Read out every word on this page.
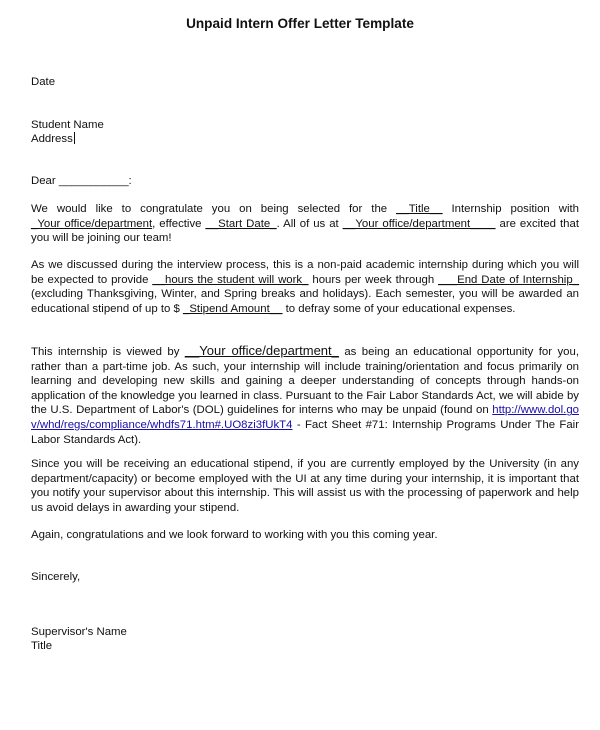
Unpaid Intern Offer Letter Template
Date
Student Name
Address
Dear ___________:
We would like to congratulate you on being selected for the __Title__ Internship position with _Your office/department, effective __Start Date_. All of us at __Your office/department____ are excited that you will be joining our team!
As we discussed during the interview process, this is a non-paid academic internship during which you will be expected to provide __hours the student will work_ hours per week through ___End Date of Internship_ (excluding Thanksgiving, Winter, and Spring breaks and holidays). Each semester, you will be awarded an educational stipend of up to $ _Stipend Amount__ to defray some of your educational expenses.
This internship is viewed by __Your office/department_ as being an educational opportunity for you, rather than a part-time job. As such, your internship will include training/orientation and focus primarily on learning and developing new skills and gaining a deeper understanding of concepts through hands-on application of the knowledge you learned in class. Pursuant to the Fair Labor Standards Act, we will abide by the U.S. Department of Labor's (DOL) guidelines for interns who may be unpaid (found on http://www.dol.gov/whd/regs/compliance/whdfs71.htm#.UO8zi3fUkT4 - Fact Sheet #71: Internship Programs Under The Fair Labor Standards Act).
Since you will be receiving an educational stipend, if you are currently employed by the University (in any department/capacity) or become employed with the UI at any time during your internship, it is important that you notify your supervisor about this internship. This will assist us with the processing of paperwork and help us avoid delays in awarding your stipend.
Again, congratulations and we look forward to working with you this coming year.
Sincerely,
Supervisor's Name
Title
